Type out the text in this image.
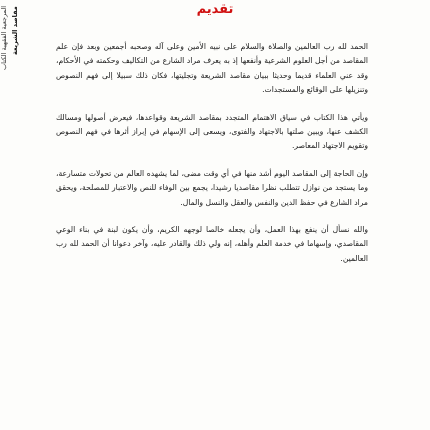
المرجعية الفقهية الكتاب مقاصد الشريعة	تقديم

الحمد لله رب العالمين والصلاة والسلام على نبيه الأمين وعلى آله وصحبه أجمعين وبعد فإن علم المقاصد من أجل العلوم الشرعية وأنفعها إذ به يعرف مراد الشارع من التكاليف وحكمته في الأحكام، وقد عني العلماء قديما وحديثا ببيان مقاصد الشريعة وتجليتها، فكان ذلك سبيلا إلى فهم النصوص وتنزيلها على الوقائع والمستجدات.

ويأتي هذا الكتاب في سياق الاهتمام المتجدد بمقاصد الشريعة وقواعدها، فيعرض أصولها ومسالك الكشف عنها، ويبين صلتها بالاجتهاد والفتوى، ويسعى إلى الإسهام في إبراز أثرها في فهم النصوص وتقويم الاجتهاد المعاصر.

وإن الحاجة إلى المقاصد اليوم أشد منها في أي وقت مضى، لما يشهده العالم من تحولات متسارعة، وما يستجد من نوازل تتطلب نظرا مقاصديا رشيدا، يجمع بين الوفاء للنص والاعتبار للمصلحة، ويحقق مراد الشارع في حفظ الدين والنفس والعقل والنسل والمال.

والله نسأل أن ينفع بهذا العمل، وأن يجعله خالصا لوجهه الكريم، وأن يكون لبنة في بناء الوعي المقاصدي، وإسهاما في خدمة العلم وأهله، إنه ولي ذلك والقادر عليه، وآخر دعوانا أن الحمد لله رب العالمين.
